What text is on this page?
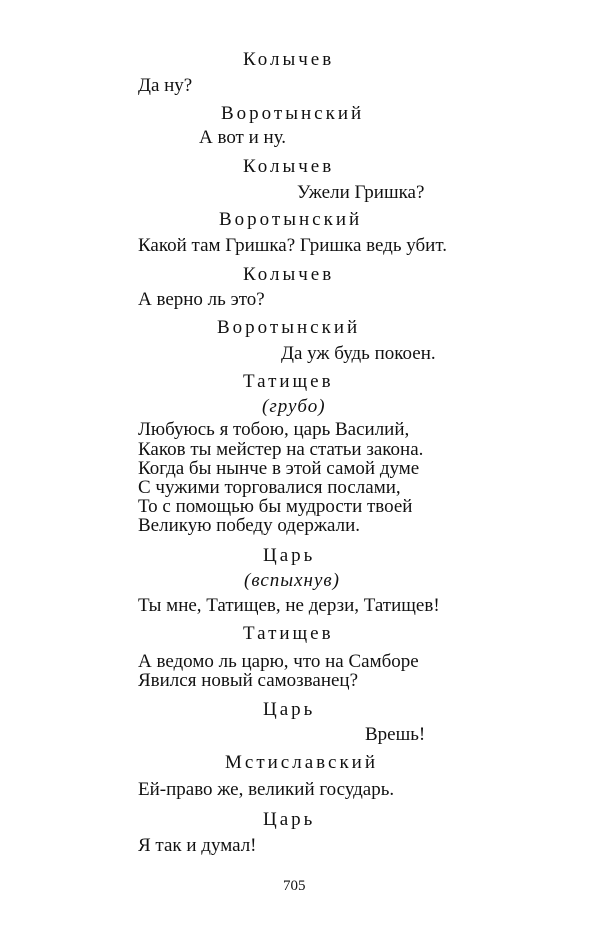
Колычев
Да ну?
Воротынский
А вот и ну.
Колычев
Ужели Гришка?
Воротынский
Какой там Гришка? Гришка ведь убит.
Колычев
А верно ль это?
Воротынский
Да уж будь покоен.
Татищев
(грубо)
Любуюсь я тобою, царь Василий,
Каков ты мейстер на статьи закона.
Когда бы нынче в этой самой думе
С чужими торговалися послами,
То с помощью бы мудрости твоей
Великую победу одержали.
Царь
(вспыхнув)
Ты мне, Татищев, не дерзи, Татищев!
Татищев
А ведомо ль царю, что на Самборе
Явился новый самозванец?
Царь
Врешь!
Мстиславский
Ей-право же, великий государь.
Царь
Я так и думал!
705
